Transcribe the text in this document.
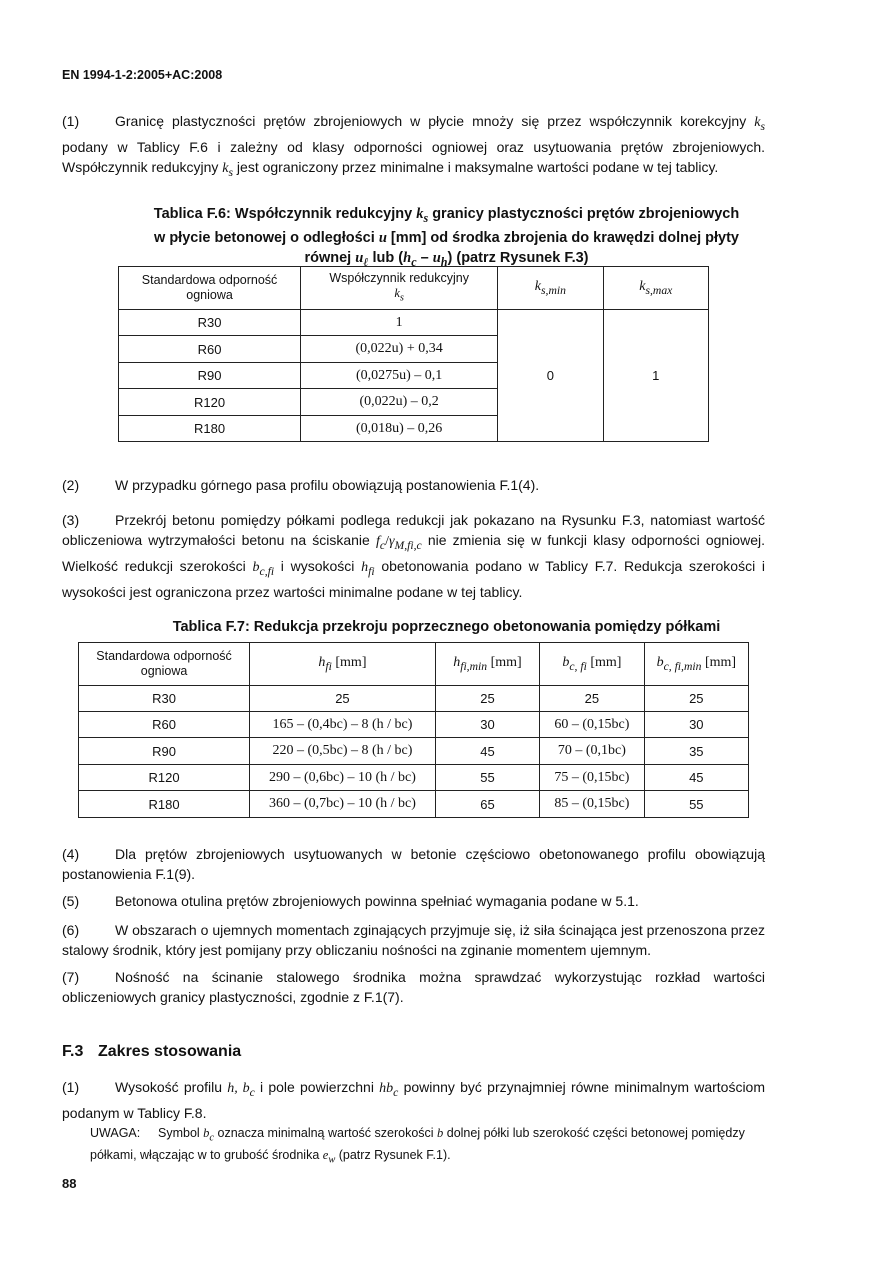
EN 1994-1-2:2005+AC:2008

(1)	Granicę plastyczności prętów zbrojeniowych w płycie mnoży się przez współczynnik korekcyjny $k_s$ podany w Tablicy F.6 i zależny od klasy odporności ogniowej oraz usytuowania prętów zbrojeniowych. Współczynnik redukcyjny $k_s$ jest ograniczony przez minimalne i maksymalne wartości podane w tej tablicy.

Tablica F.6: Współczynnik redukcyjny $k_s$ granicy plastyczności prętów zbrojeniowych
w płycie betonowej o odległości u [mm] od środka zbrojenia do krawędzi dolnej płyty
równej $u_\ell$ lub $(h_c - u_h)$ (patrz Rysunek F.3)

Standardowa odporność ogniowa	Współczynnik redukcyjny
$k_s$	$k_{s,min}$	$k_{s,max}$
R30	1	0	1
R60	(0,022u) + 0,34		
R90	(0,0275u) – 0,1		
R120	(0,022u) – 0,2		
R180	(0,018u) – 0,26		

(2)	W przypadku górnego pasa profilu obowiązują postanowienia F.1(4).

(3)	Przekrój betonu pomiędzy półkami podlega redukcji jak pokazano na Rysunku F.3, natomiast wartość obliczeniowa wytrzymałości betonu na ściskanie $f_c/\gamma_{M,fi,c}$ nie zmienia się w funkcji klasy odporności ogniowej. Wielkość redukcji szerokości $b_{c,fi}$ i wysokości $h_{fi}$ obetonowania podano w Tablicy F.7. Redukcja szerokości i wysokości jest ograniczona przez wartości minimalne podane w tej tablicy.

Tablica F.7: Redukcja przekroju poprzecznego obetonowania pomiędzy półkami

Standardowa odporność ogniowa	$h_{fi}$ [mm]	$h_{fi,min}$ [mm]	$b_{c, fi}$ [mm]	$b_{c, fi,min}$ [mm]
R30	25	25	25	25
R60	165 – (0,4bc) – 8 (h / bc)	30	60 – (0,15bc)	30
R90	220 – (0,5bc) – 8 (h / bc)	45	70 – (0,1bc)	35
R120	290 – (0,6bc) – 10 (h / bc)	55	75 – (0,15bc)	45
R180	360 – (0,7bc) – 10 (h / bc)	65	85 – (0,15bc)	55

(4)	Dla prętów zbrojeniowych usytuowanych w betonie częściowo obetonowanego profilu obowiązują postanowienia F.1(9).

(5)	Betonowa otulina prętów zbrojeniowych powinna spełniać wymagania podane w 5.1.

(6)	W obszarach o ujemnych momentach zginających przyjmuje się, iż siła ścinająca jest przenoszona przez stalowy środnik, który jest pomijany przy obliczaniu nośności na zginanie momentem ujemnym.

(7)	Nośność na ścinanie stalowego środnika można sprawdzać wykorzystując rozkład wartości obliczeniowych granicy plastyczności, zgodnie z F.1(7).

F.3 Zakres stosowania

(1)	Wysokość profilu h, $b_c$ i pole powierzchni $hb_c$ powinny być przynajmniej równe minimalnym wartościom podanym w Tablicy F.8.

UWAGA: Symbol $b_c$ oznacza minimalną wartość szerokości b dolnej półki lub szerokość części betonowej pomiędzy półkami, włączając w to grubość środnika $e_w$ (patrz Rysunek F.1).

88
